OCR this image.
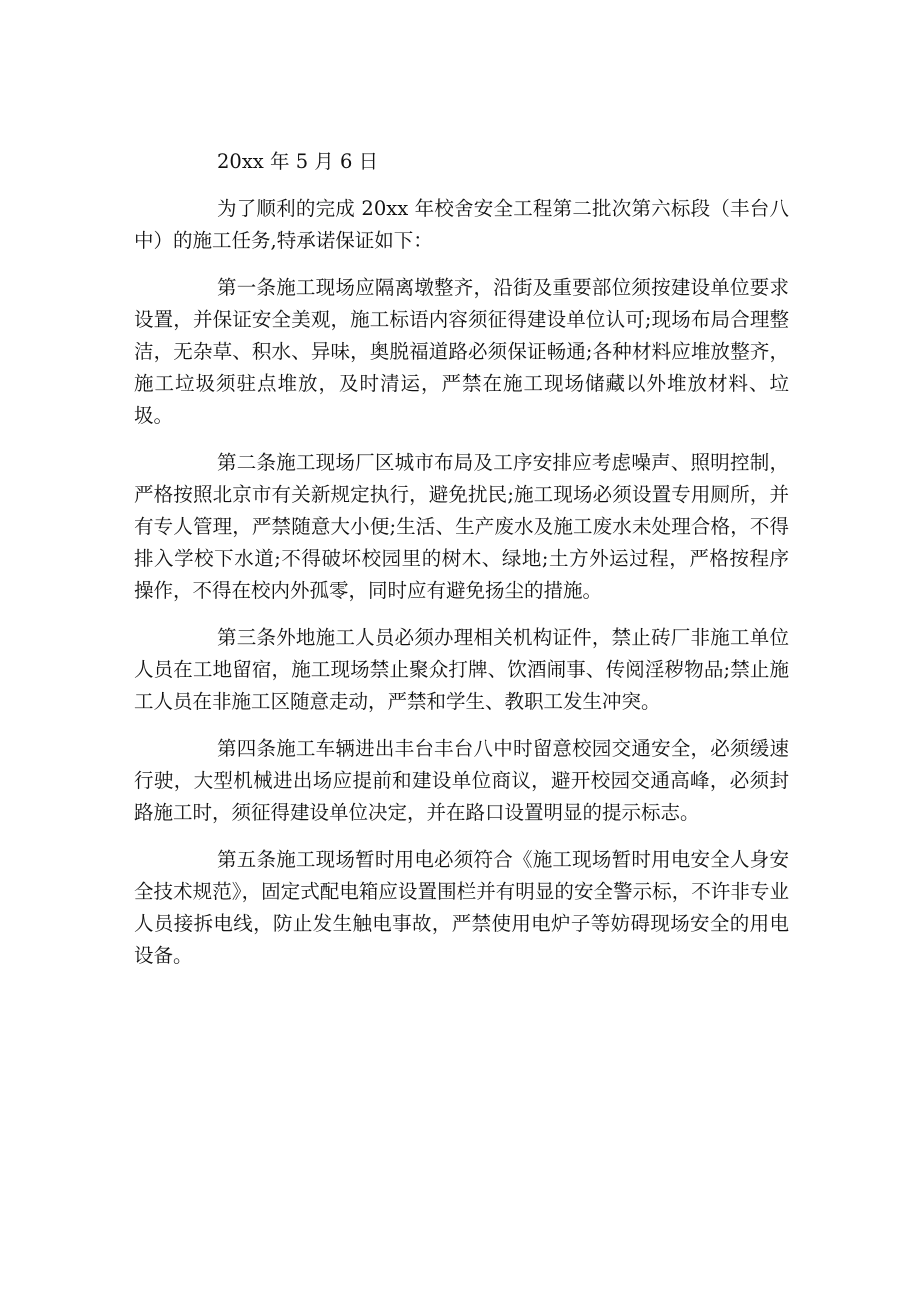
20xx 年 5 月 6 日

为了顺利的完成 20xx 年校舍安全工程第二批次第六标段（丰台八中）的施工任务,特承诺保证如下：

第一条施工现场应隔离墩整齐，沿街及重要部位须按建设单位要求设置，并保证安全美观，施工标语内容须征得建设单位认可;现场布局合理整洁，无杂草、积水、异味，奥脱福道路必须保证畅通;各种材料应堆放整齐，施工垃圾须驻点堆放，及时清运，严禁在施工现场储藏以外堆放材料、垃圾。

第二条施工现场厂区城市布局及工序安排应考虑噪声、照明控制，严格按照北京市有关新规定执行，避免扰民;施工现场必须设置专用厕所，并有专人管理，严禁随意大小便;生活、生产废水及施工废水未处理合格，不得排入学校下水道;不得破坏校园里的树木、绿地;土方外运过程，严格按程序操作，不得在校内外孤零，同时应有避免扬尘的措施。

第三条外地施工人员必须办理相关机构证件，禁止砖厂非施工单位人员在工地留宿，施工现场禁止聚众打牌、饮酒闹事、传阅淫秽物品;禁止施工人员在非施工区随意走动，严禁和学生、教职工发生冲突。

第四条施工车辆进出丰台丰台八中时留意校园交通安全，必须缓速行驶，大型机械进出场应提前和建设单位商议，避开校园交通高峰，必须封路施工时，须征得建设单位决定，并在路口设置明显的提示标志。

第五条施工现场暂时用电必须符合《施工现场暂时用电安全人身安全技术规范》，固定式配电箱应设置围栏并有明显的安全警示标，不许非专业人员接拆电线，防止发生触电事故，严禁使用电炉子等妨碍现场安全的用电设备。
